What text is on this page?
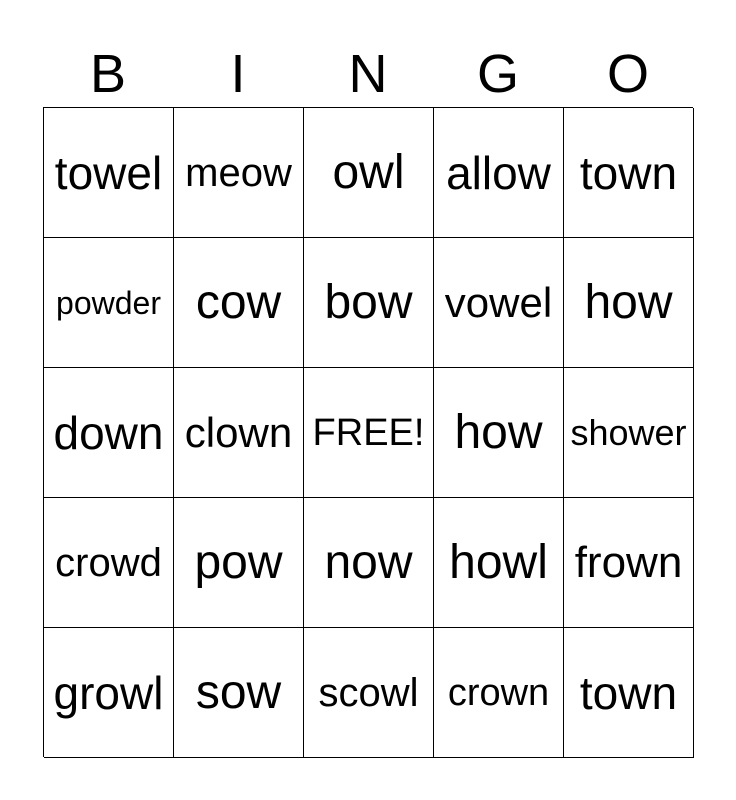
B	I	N	G	O
towel meow owl allow town
powder cow bow vowel how
down clown FREE! how shower
crowd pow now howl frown
growl sow scowl crown town
